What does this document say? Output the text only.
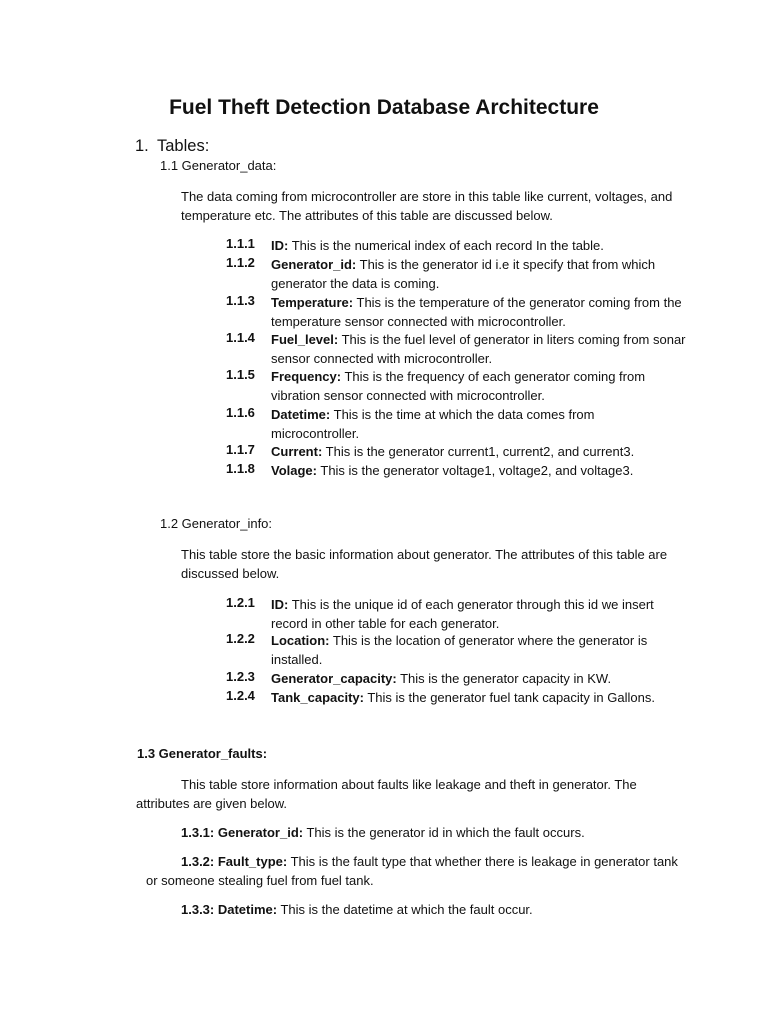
Fuel Theft Detection Database Architecture
1. Tables:
1.1 Generator_data:
The data coming from microcontroller are store in this table like current, voltages, and
temperature etc. The attributes of this table are discussed below.
1.1.1 ID: This is the numerical index of each record In the table.
1.1.2 Generator_id: This is the generator id i.e it specify that from which
generator the data is coming.
1.1.3 Temperature: This is the temperature of the generator coming from the
temperature sensor connected with microcontroller.
1.1.4 Fuel_level: This is the fuel level of generator in liters coming from sonar
sensor connected with microcontroller.
1.1.5 Frequency: This is the frequency of each generator coming from
vibration sensor connected with microcontroller.
1.1.6 Datetime: This is the time at which the data comes from
microcontroller.
1.1.7 Current: This is the generator current1, current2, and current3.
1.1.8 Volage: This is the generator voltage1, voltage2, and voltage3.
1.2 Generator_info:
This table store the basic information about generator. The attributes of this table are
discussed below.
1.2.1 ID: This is the unique id of each generator through this id we insert
record in other table for each generator.
1.2.2 Location: This is the location of generator where the generator is
installed.
1.2.3 Generator_capacity: This is the generator capacity in KW.
1.2.4 Tank_capacity: This is the generator fuel tank capacity in Gallons.
1.3 Generator_faults:
This table store information about faults like leakage and theft in generator. The
attributes are given below.
1.3.1: Generator_id: This is the generator id in which the fault occurs.
1.3.2: Fault_type: This is the fault type that whether there is leakage in generator tank
or someone stealing fuel from fuel tank.
1.3.3: Datetime: This is the datetime at which the fault occur.
